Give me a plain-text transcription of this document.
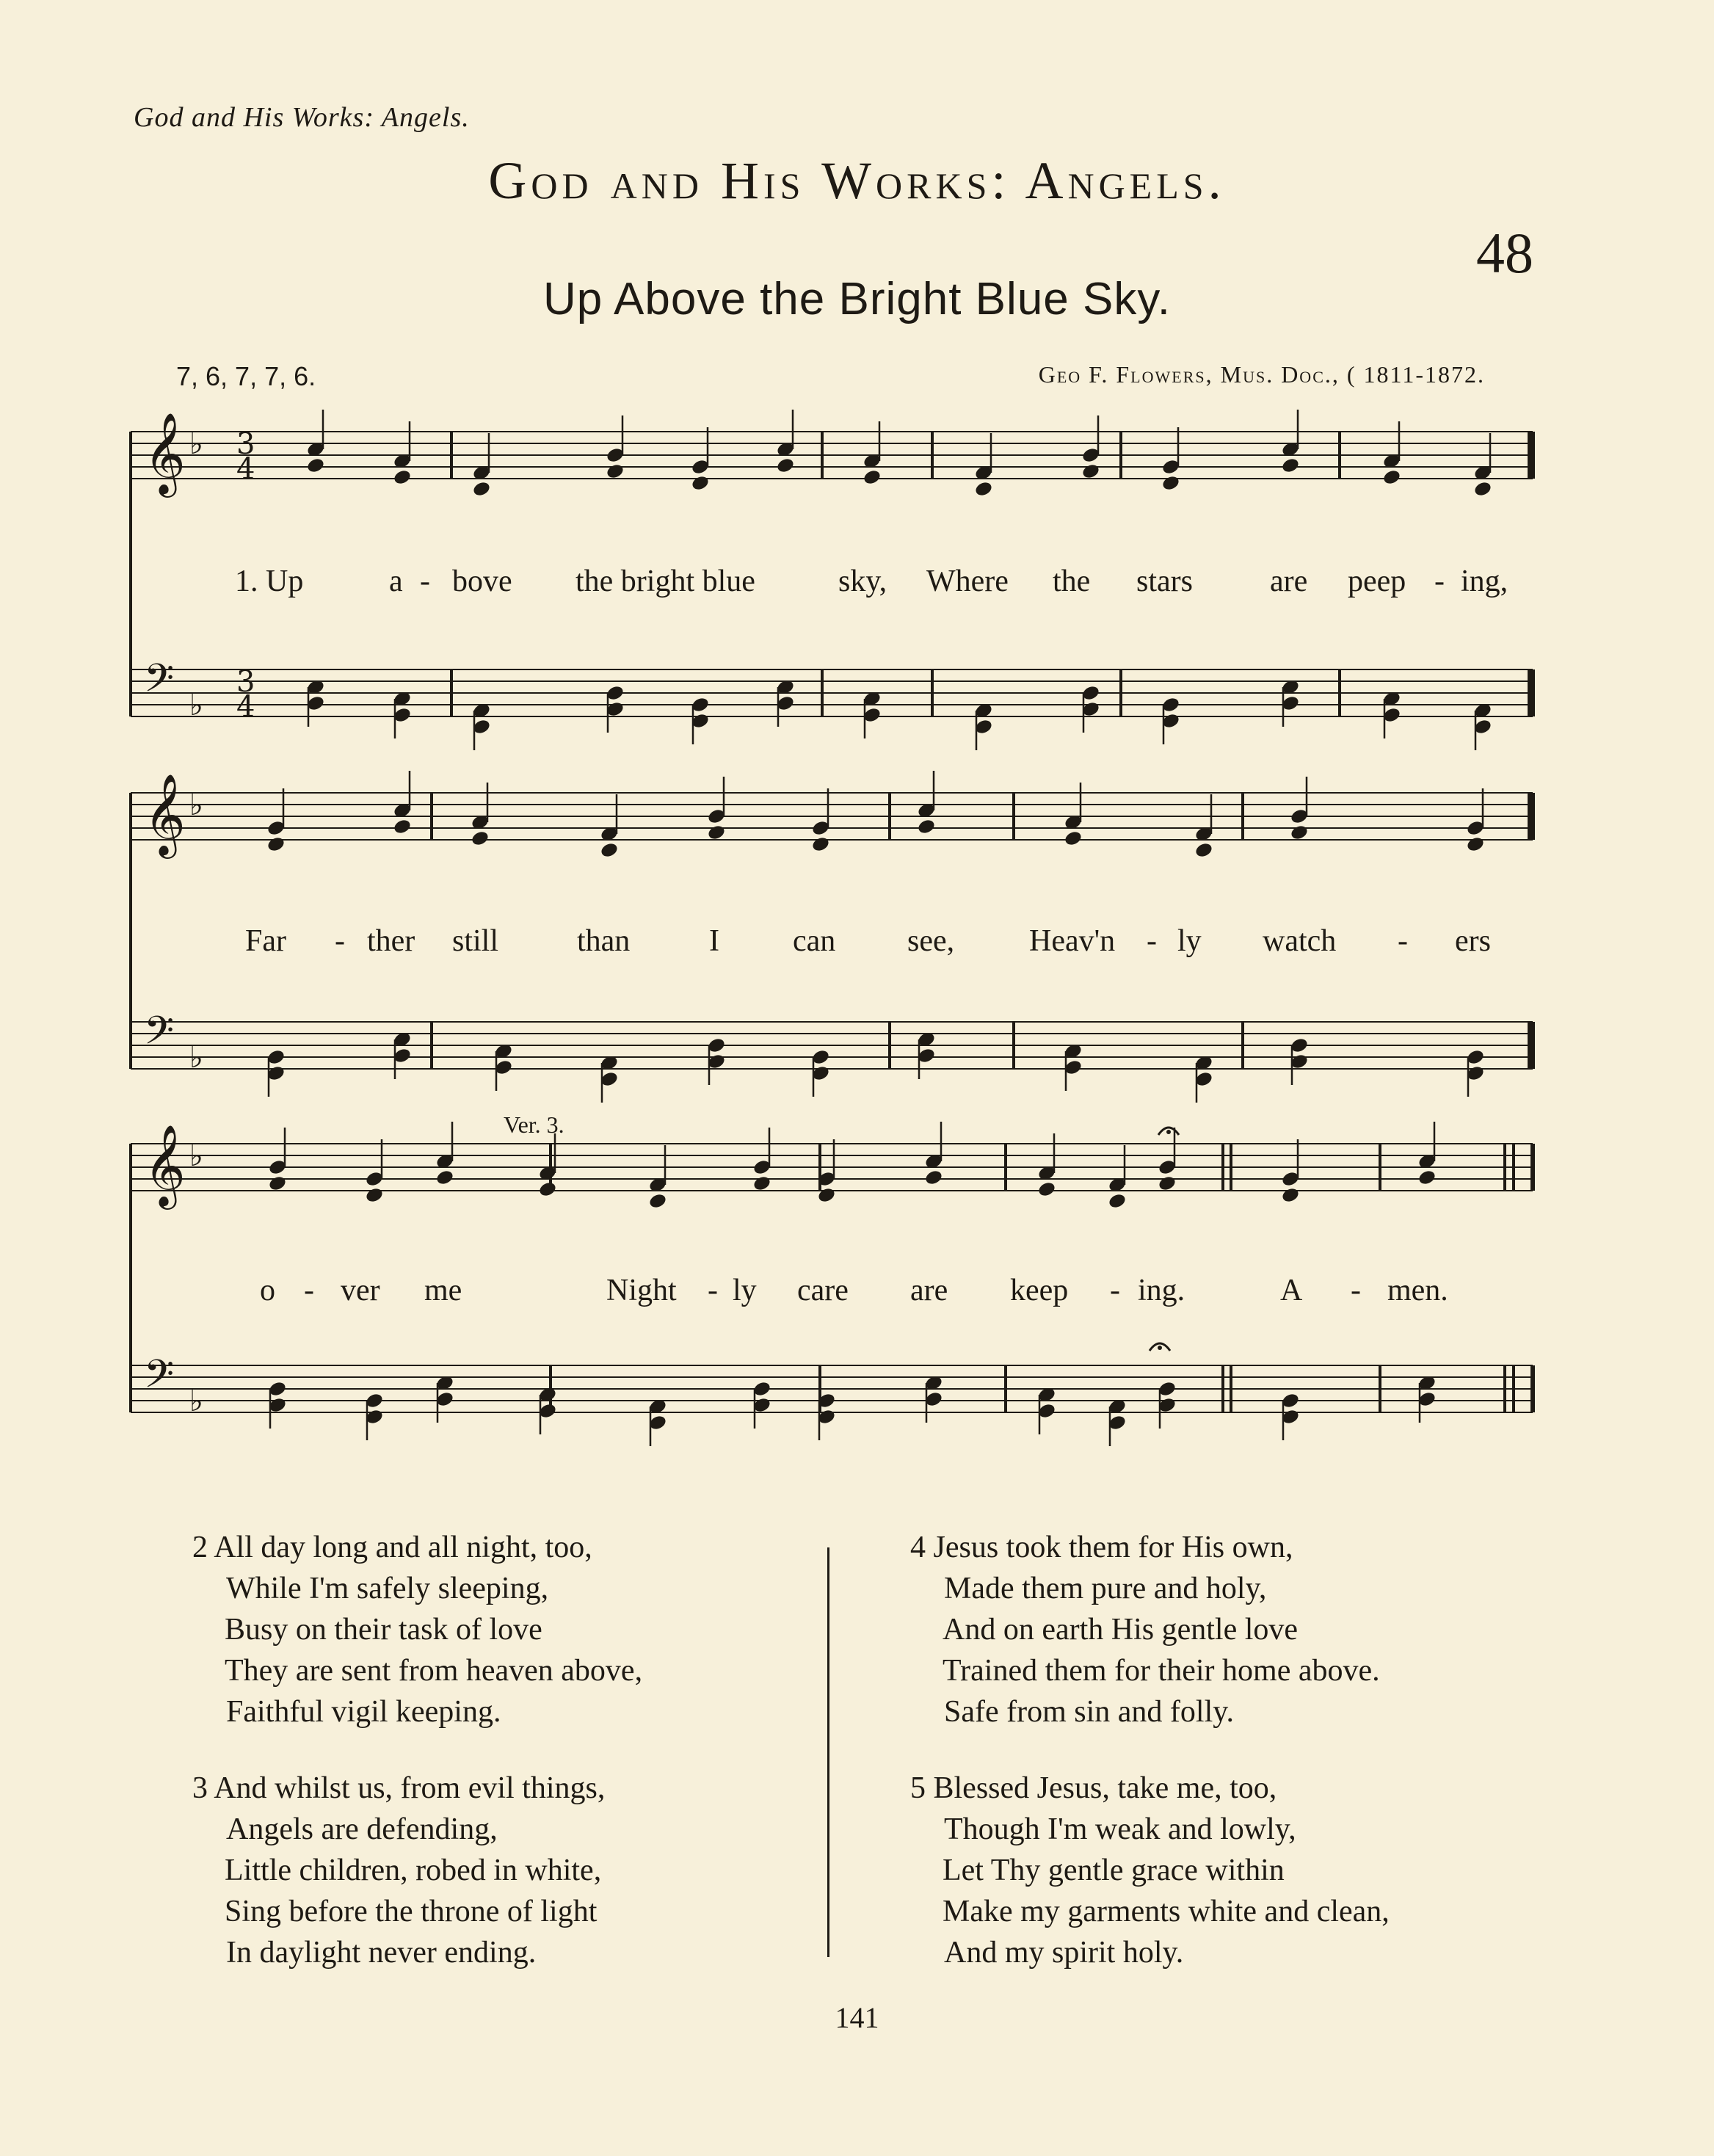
God and His Works: Angels.
God and His Works: Angels.
48
Up Above the Bright Blue Sky.
7, 6, 7, 7, 6.	Geo F. Flowers, Mus. Doc., ( 1811-1872.
𝄞 ♭
𝄢 ♭
𝄞 ♭
𝄢 ♭
𝄞 ♭
𝄢 ♭
3
4
3
4
Ver. 3.
1. Up	a - bove the bright blue	sky, Where the stars	are peep - ing,
Far - ther still	than	I can see, Heav'n - ly watch - ers
o - ver me	Night - ly care are keep - ing.	A - men.
2 All day long and all night, too,
While I'm safely sleeping,
Busy on their task of love
They are sent from heaven above,
Faithful vigil keeping.
3 And whilst us, from evil things,
Angels are defending,
Little children, robed in white,
Sing before the throne of light
In daylight never ending.
4 Jesus took them for His own,
Made them pure and holy,
And on earth His gentle love
Trained them for their home above.
Safe from sin and folly.
5 Blessed Jesus, take me, too,
Though I'm weak and lowly,
Let Thy gentle grace within
Make my garments white and clean,
And my spirit holy.
141
